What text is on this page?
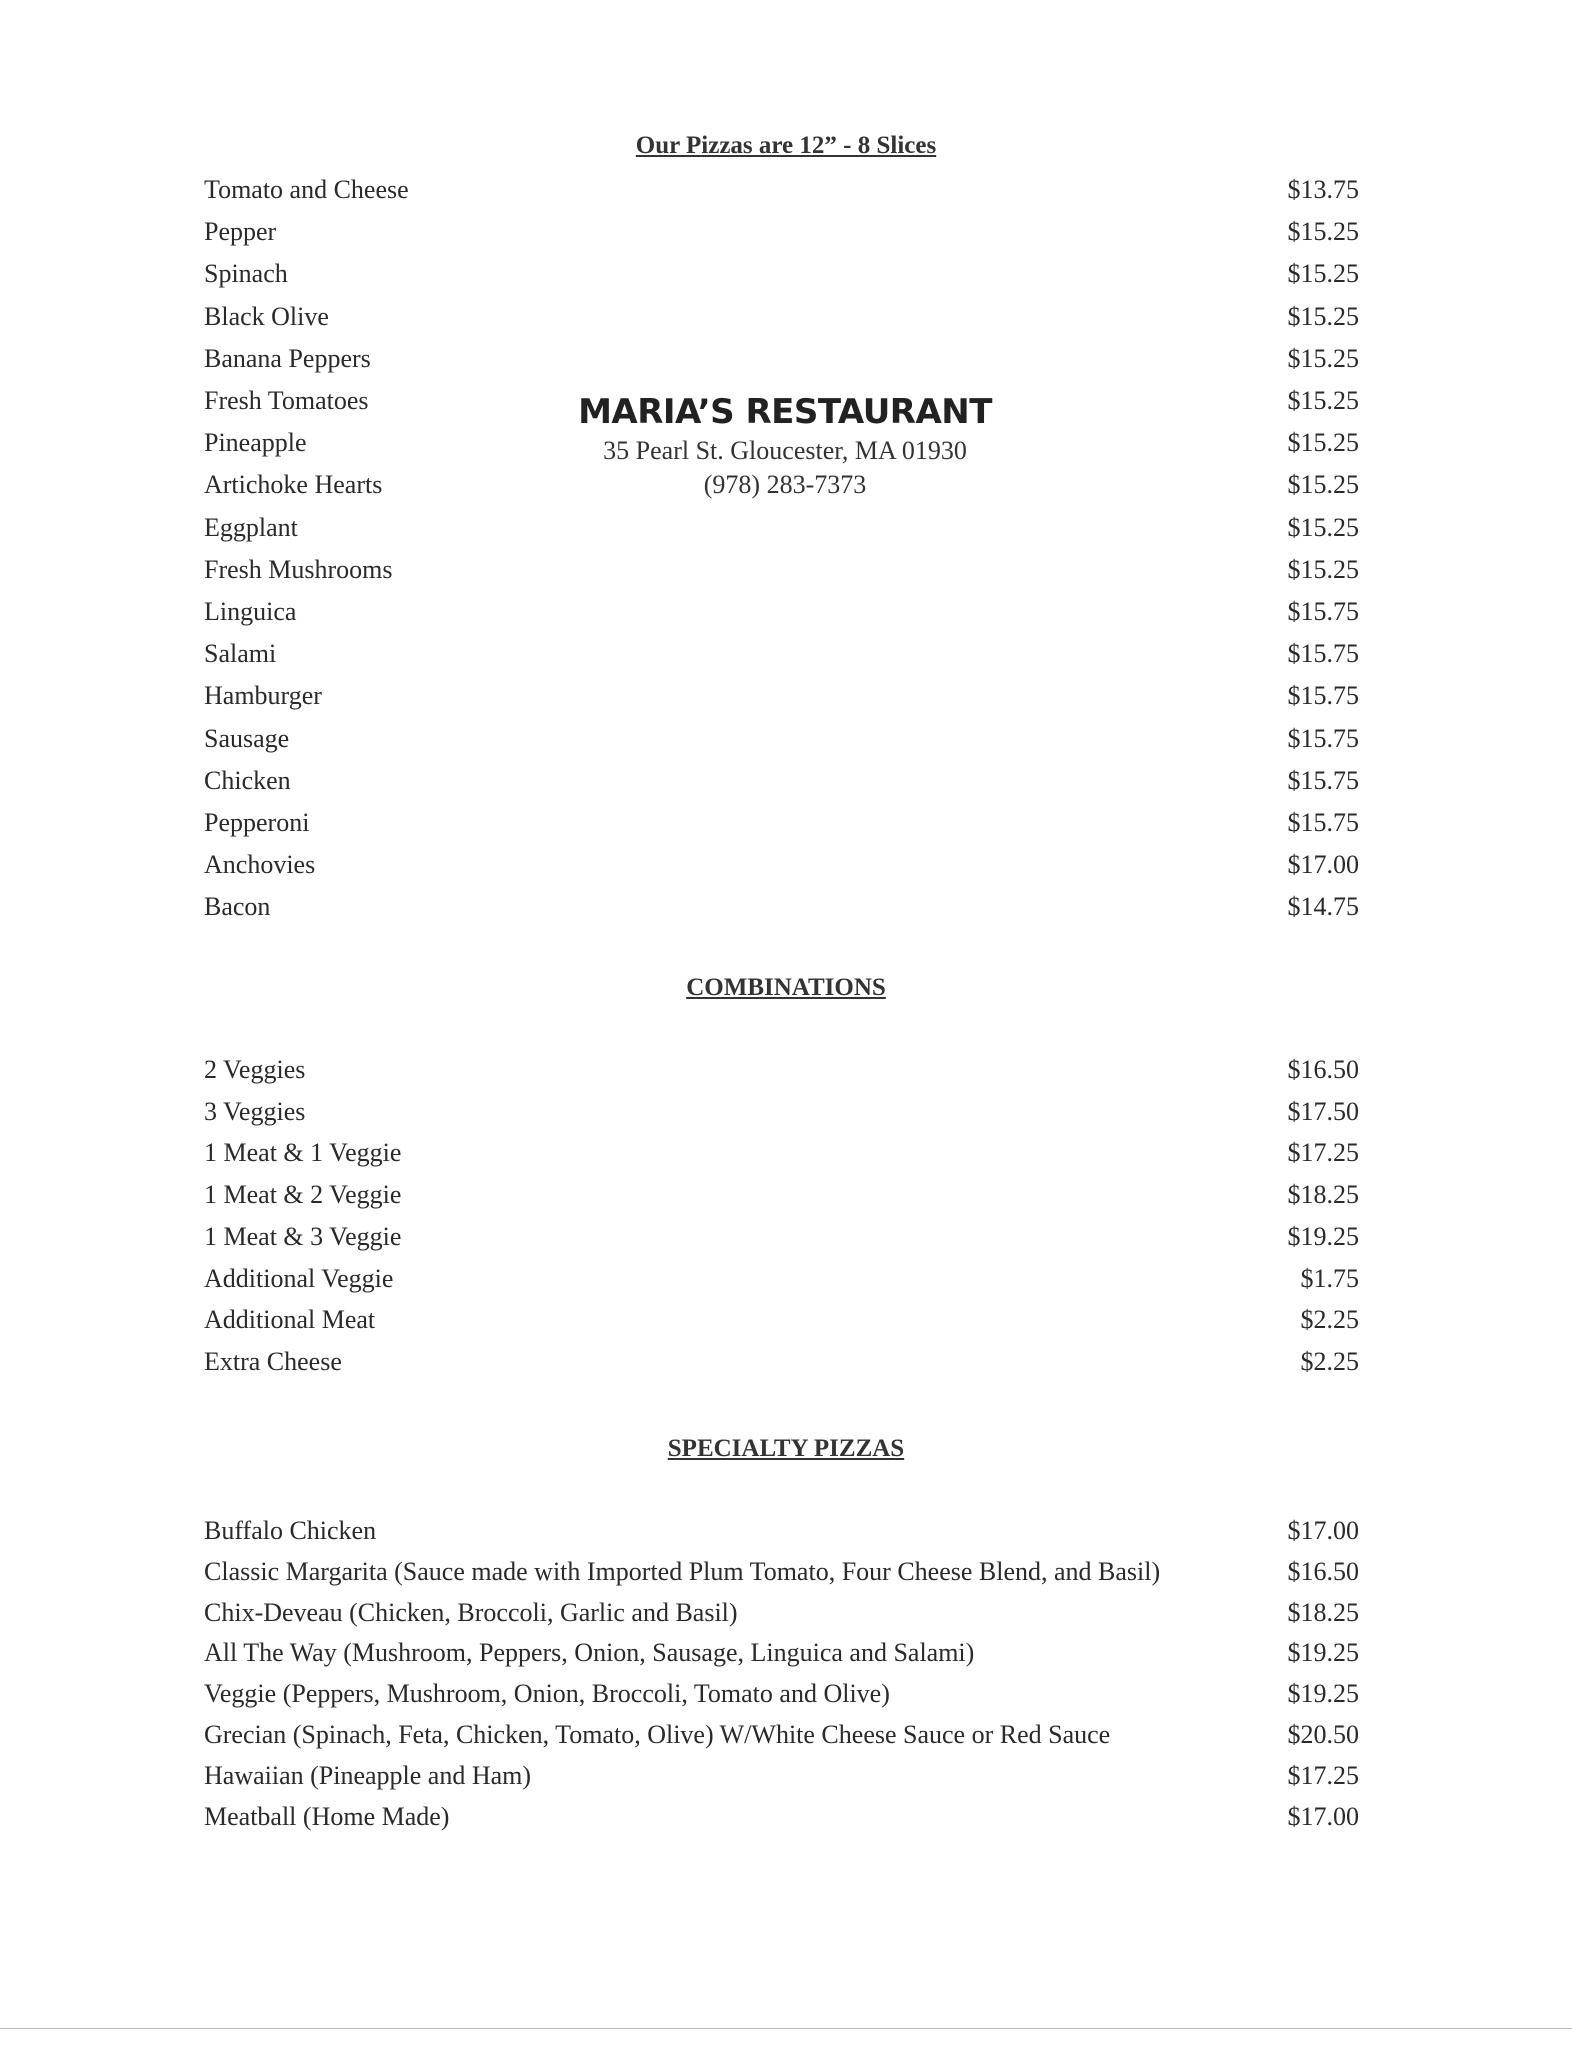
Our Pizzas are 12” - 8 Slices
Tomato and Cheese	$13.75
Pepper	$15.25
Spinach	$15.25
Black Olive	$15.25
Banana Peppers	$15.25
Fresh Tomatoes	$15.25
Pineapple	$15.25
Artichoke Hearts	$15.25
Eggplant	$15.25
Fresh Mushrooms	$15.25
Linguica	$15.75
Salami	$15.75
Hamburger	$15.75
Sausage	$15.75
Chicken	$15.75
Pepperoni	$15.75
Anchovies	$17.00
Bacon	$14.75
MARIA’S RESTAURANT
35 Pearl St. Gloucester, MA 01930
(978) 283-7373
COMBINATIONS
2 Veggies	$16.50
3 Veggies	$17.50
1 Meat & 1 Veggie	$17.25
1 Meat & 2 Veggie	$18.25
1 Meat & 3 Veggie	$19.25
Additional Veggie	$1.75
Additional Meat	$2.25
Extra Cheese	$2.25
SPECIALTY PIZZAS
Buffalo Chicken	$17.00
Classic Margarita (Sauce made with Imported Plum Tomato, Four Cheese Blend, and Basil)	$16.50
Chix-Deveau (Chicken, Broccoli, Garlic and Basil)	$18.25
All The Way (Mushroom, Peppers, Onion, Sausage, Linguica and Salami)	$19.25
Veggie (Peppers, Mushroom, Onion, Broccoli, Tomato and Olive)	$19.25
Grecian (Spinach, Feta, Chicken, Tomato, Olive) W/White Cheese Sauce or Red Sauce	$20.50
Hawaiian (Pineapple and Ham)	$17.25
Meatball (Home Made)	$17.00
